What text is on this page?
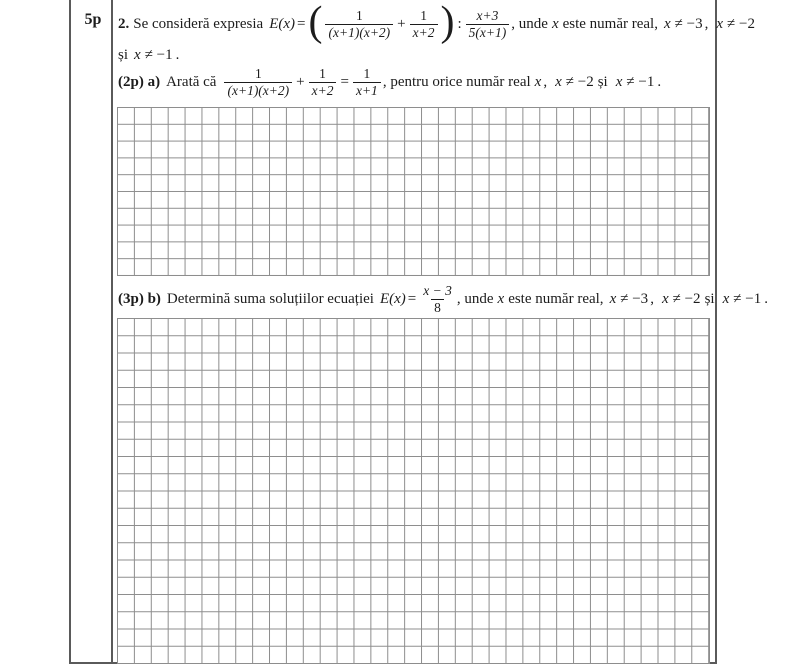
5p	2. Se consideră expresia E(x) = ( $\frac{1}{(x+1)(x+2)} + \frac{1}{x+2}$ ) : $\frac{x+3}{5(x+1)}$ , unde x este număr real, x ≠ −3 , x ≠ −2
și x ≠ −1 .
(2p) a) Arată că $\frac{1}{(x+1)(x+2)} + \frac{1}{x+2} = \frac{1}{x+1}$ , pentru orice număr real x , x ≠ −2 și x ≠ −1 .
(3p) b) Determină suma soluțiilor ecuației $E(x) = \frac{x - 3}{8}$ , unde x este număr real, x ≠ −3 , x ≠ −2 și x ≠ −1 .
